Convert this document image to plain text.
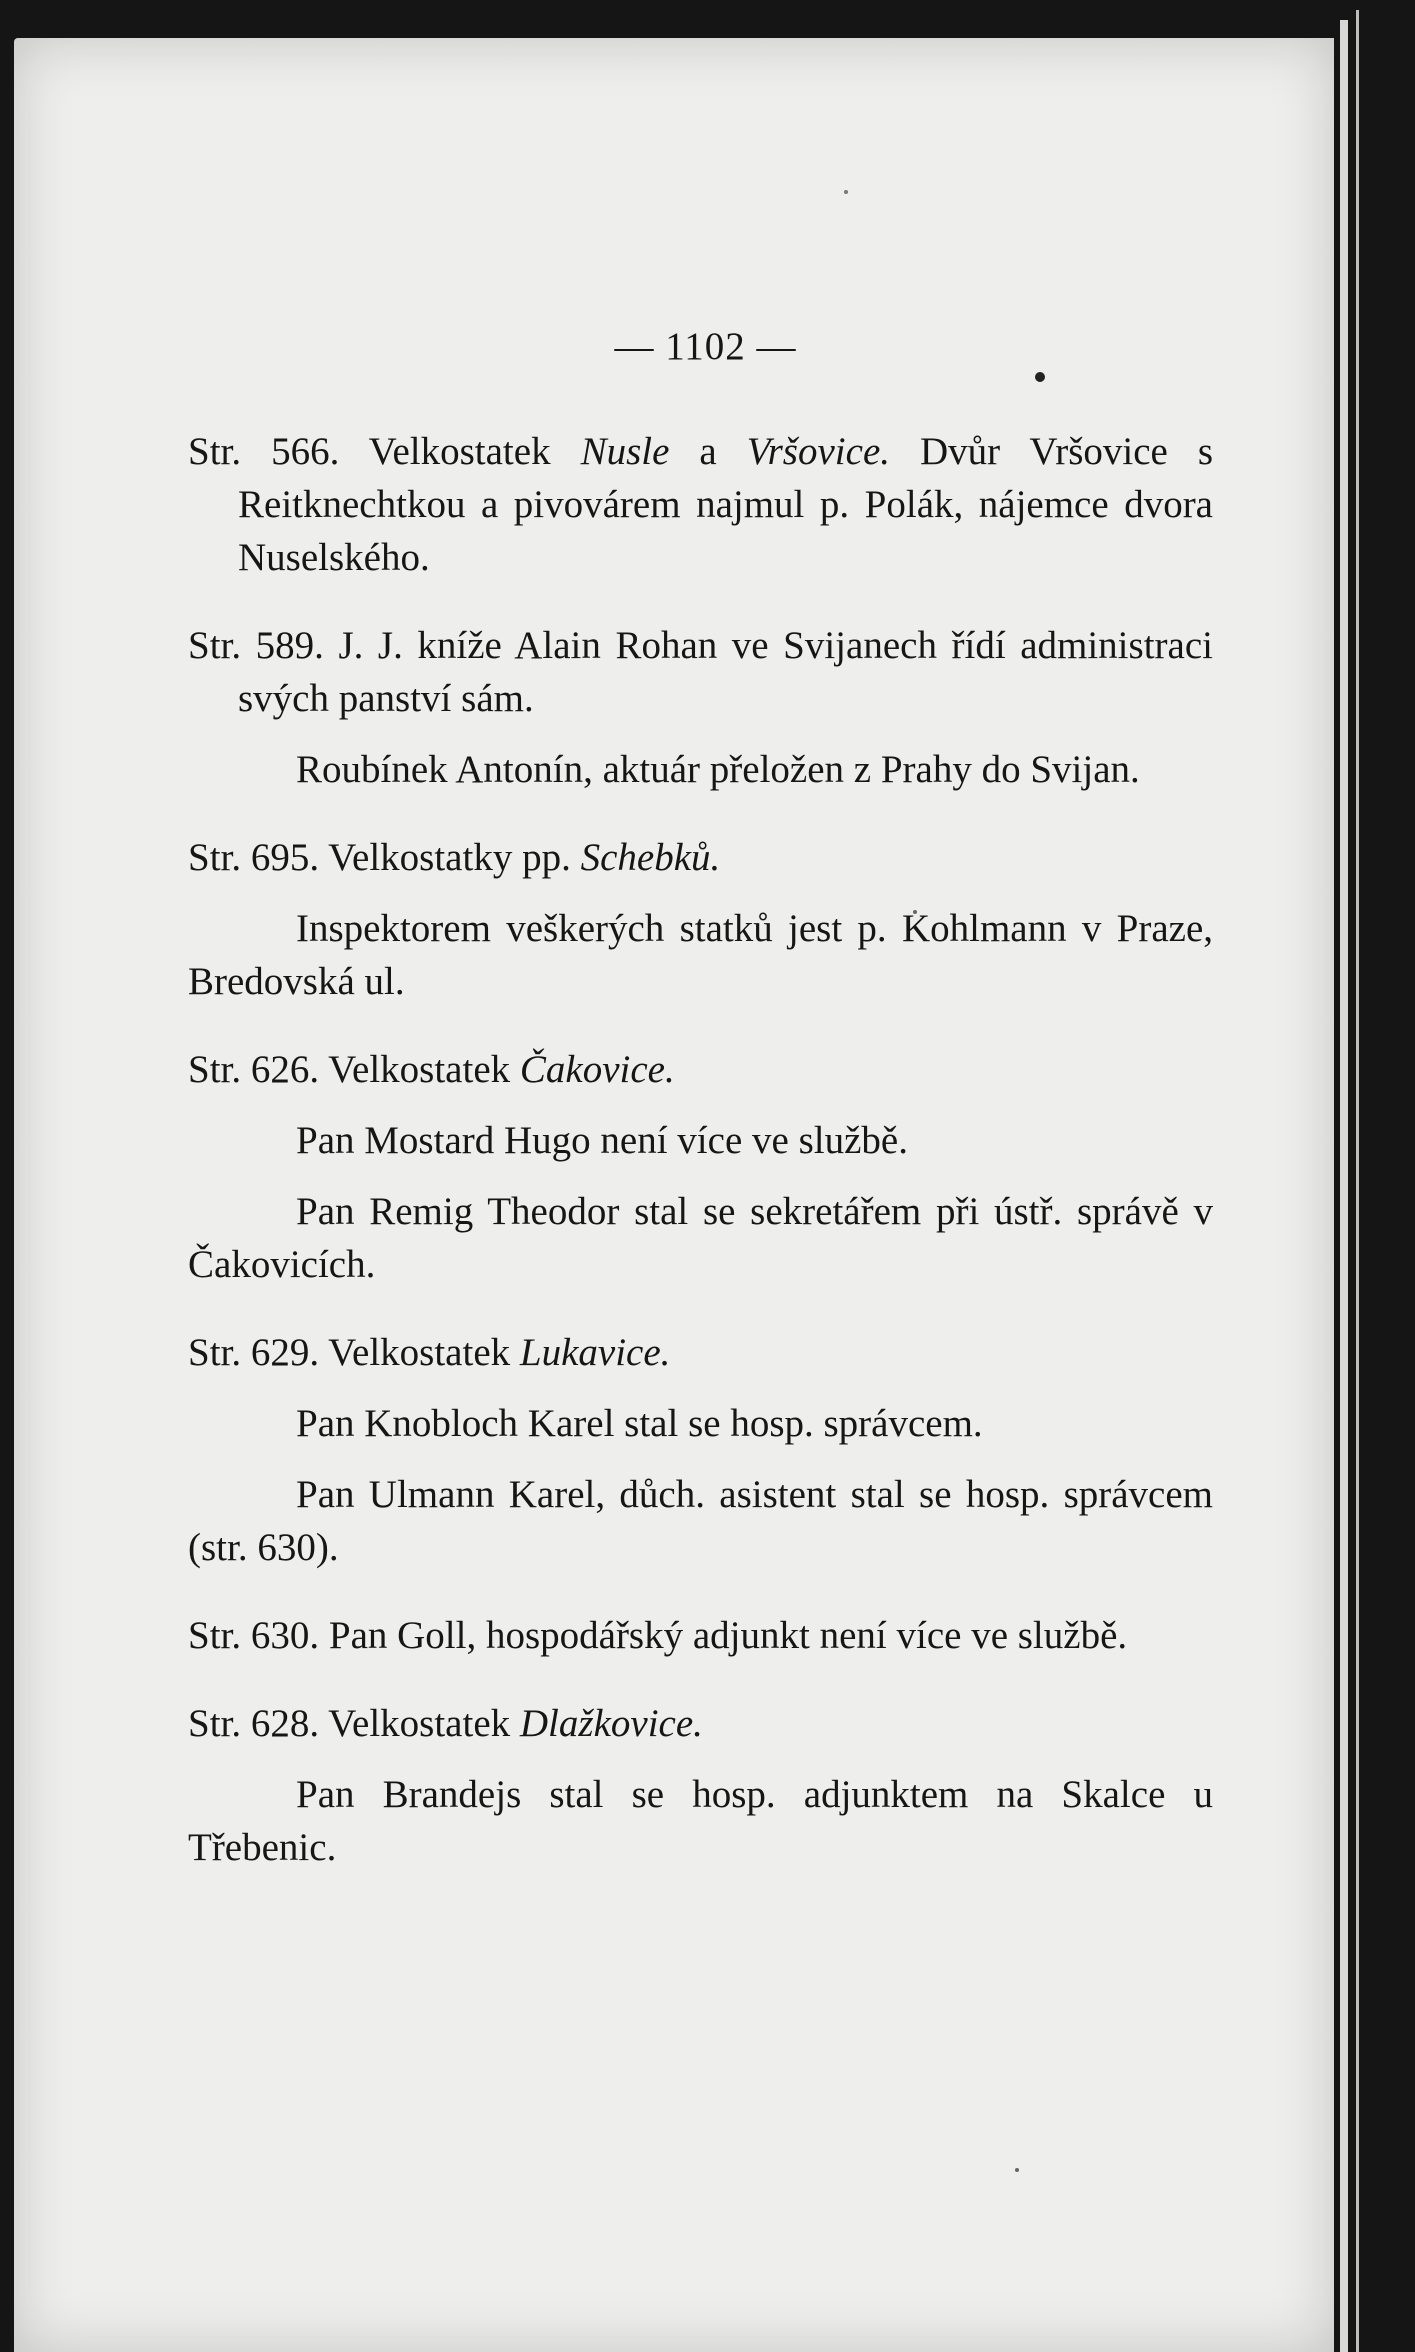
— 1102 —
Str. 566. Velkostatek Nusle a Vršovice. Dvůr Vršovice s Reitknechtkou a pivovárem najmul p. Polák, nájemce dvora Nuselského.
Str. 589. J. J. kníže Alain Rohan ve Svijanech řídí administraci svých panství sám.
Roubínek Antonín, aktuár přeložen z Prahy do Svijan.
Str. 695. Velkostatky pp. Schebků.
Inspektorem veškerých statků jest p. Kohlmann v Praze, Bredovská ul.
Str. 626. Velkostatek Čakovice.
Pan Mostard Hugo není více ve službě.
Pan Remig Theodor stal se sekretářem při ústř. správě v Čakovicích.
Str. 629. Velkostatek Lukavice.
Pan Knobloch Karel stal se hosp. správcem.
Pan Ulmann Karel, důch. asistent stal se hosp. správcem (str. 630).
Str. 630. Pan Goll, hospodářský adjunkt není více ve službě.
Str. 628. Velkostatek Dlažkovice.
Pan Brandejs stal se hosp. adjunktem na Skalce u Třebenic.
